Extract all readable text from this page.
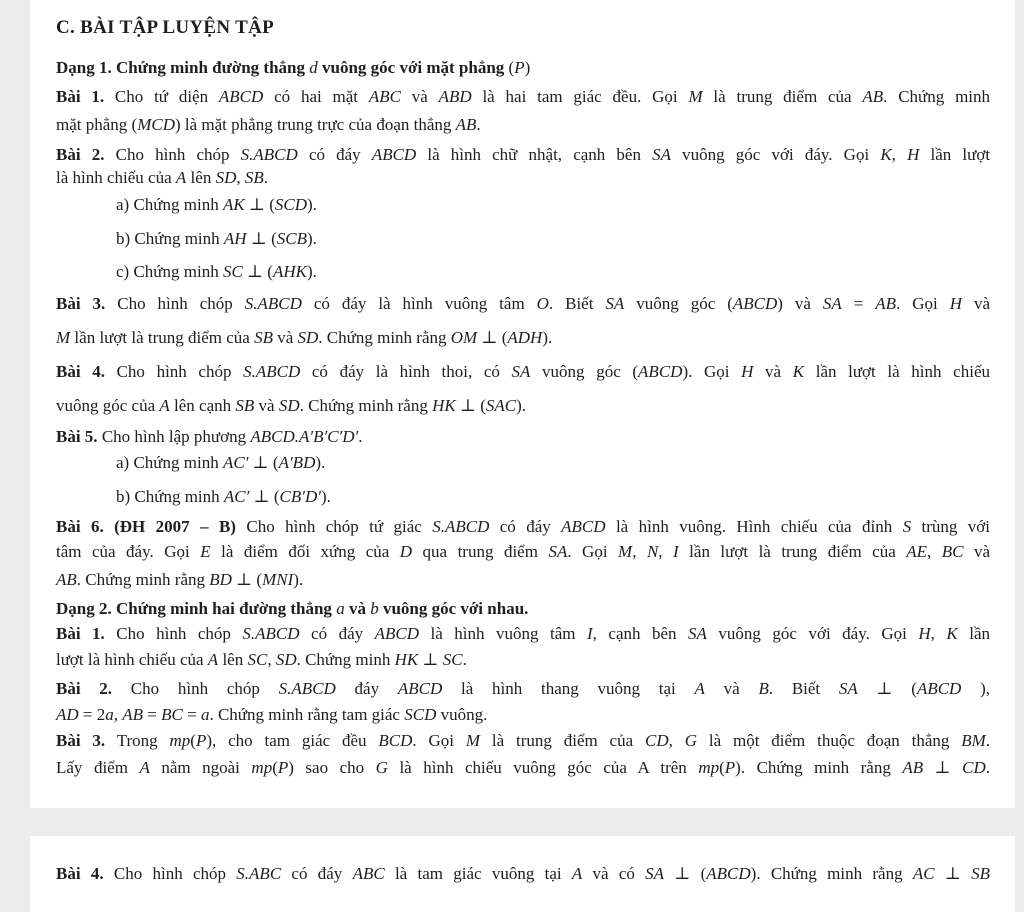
C. BÀI TẬP LUYỆN TẬP
Dạng 1. Chứng minh đường thẳng d vuông góc với mặt phẳng (P)
Bài 1. Cho tứ diện ABCD có hai mặt ABC và ABD là hai tam giác đều. Gọi M là trung điểm của AB. Chứng minh
mặt phẳng (MCD) là mặt phẳng trung trực của đoạn thẳng AB.
Bài 2. Cho hình chóp S.ABCD có đáy ABCD là hình chữ nhật, cạnh bên SA vuông góc với đáy. Gọi K, H lần lượt
là hình chiếu của A lên SD, SB.
a) Chứng minh AK ⊥ (SCD).
b) Chứng minh AH ⊥ (SCB).
c) Chứng minh SC ⊥ (AHK).
Bài 3. Cho hình chóp S.ABCD có đáy là hình vuông tâm O. Biết SA vuông góc (ABCD) và SA = AB. Gọi H và
M lần lượt là trung điểm của SB và SD. Chứng minh rằng OM ⊥ (ADH).
Bài 4. Cho hình chóp S.ABCD có đáy là hình thoi, có SA vuông góc (ABCD). Gọi H và K lần lượt là hình chiếu
vuông góc của A lên cạnh SB và SD. Chứng minh rằng HK ⊥ (SAC).
Bài 5. Cho hình lập phương ABCD.A′B′C′D′.
a) Chứng minh AC′ ⊥ (A′BD).
b) Chứng minh AC′ ⊥ (CB′D′).
Bài 6. (ĐH 2007 – B) Cho hình chóp tứ giác S.ABCD có đáy ABCD là hình vuông. Hình chiếu của đỉnh S trùng với
tâm của đáy. Gọi E là điểm đối xứng của D qua trung điểm SA. Gọi M, N, I lần lượt là trung điểm của AE, BC và
AB. Chứng minh rằng BD ⊥ (MNI).
Dạng 2. Chứng minh hai đường thẳng a và b vuông góc với nhau.
Bài 1. Cho hình chóp S.ABCD có đáy ABCD là hình vuông tâm I, cạnh bên SA vuông góc với đáy. Gọi H, K lần
lượt là hình chiếu của A lên SC, SD. Chứng minh HK ⊥ SC.
Bài 2. Cho hình chóp S.ABCD đáy ABCD là hình thang vuông tại A và B. Biết SA ⊥ (ABCD ),
AD = 2a, AB = BC = a. Chứng minh rằng tam giác SCD vuông.
Bài 3. Trong mp(P), cho tam giác đều BCD. Gọi M là trung điểm của CD, G là một điểm thuộc đoạn thẳng BM.
Lấy điểm A nằm ngoài mp(P) sao cho G là hình chiếu vuông góc của A trên mp(P). Chứng minh rằng AB ⊥ CD.
Bài 4. Cho hình chóp S.ABC có đáy ABC là tam giác vuông tại A và có SA ⊥ (ABCD). Chứng minh rằng AC ⊥ SB
